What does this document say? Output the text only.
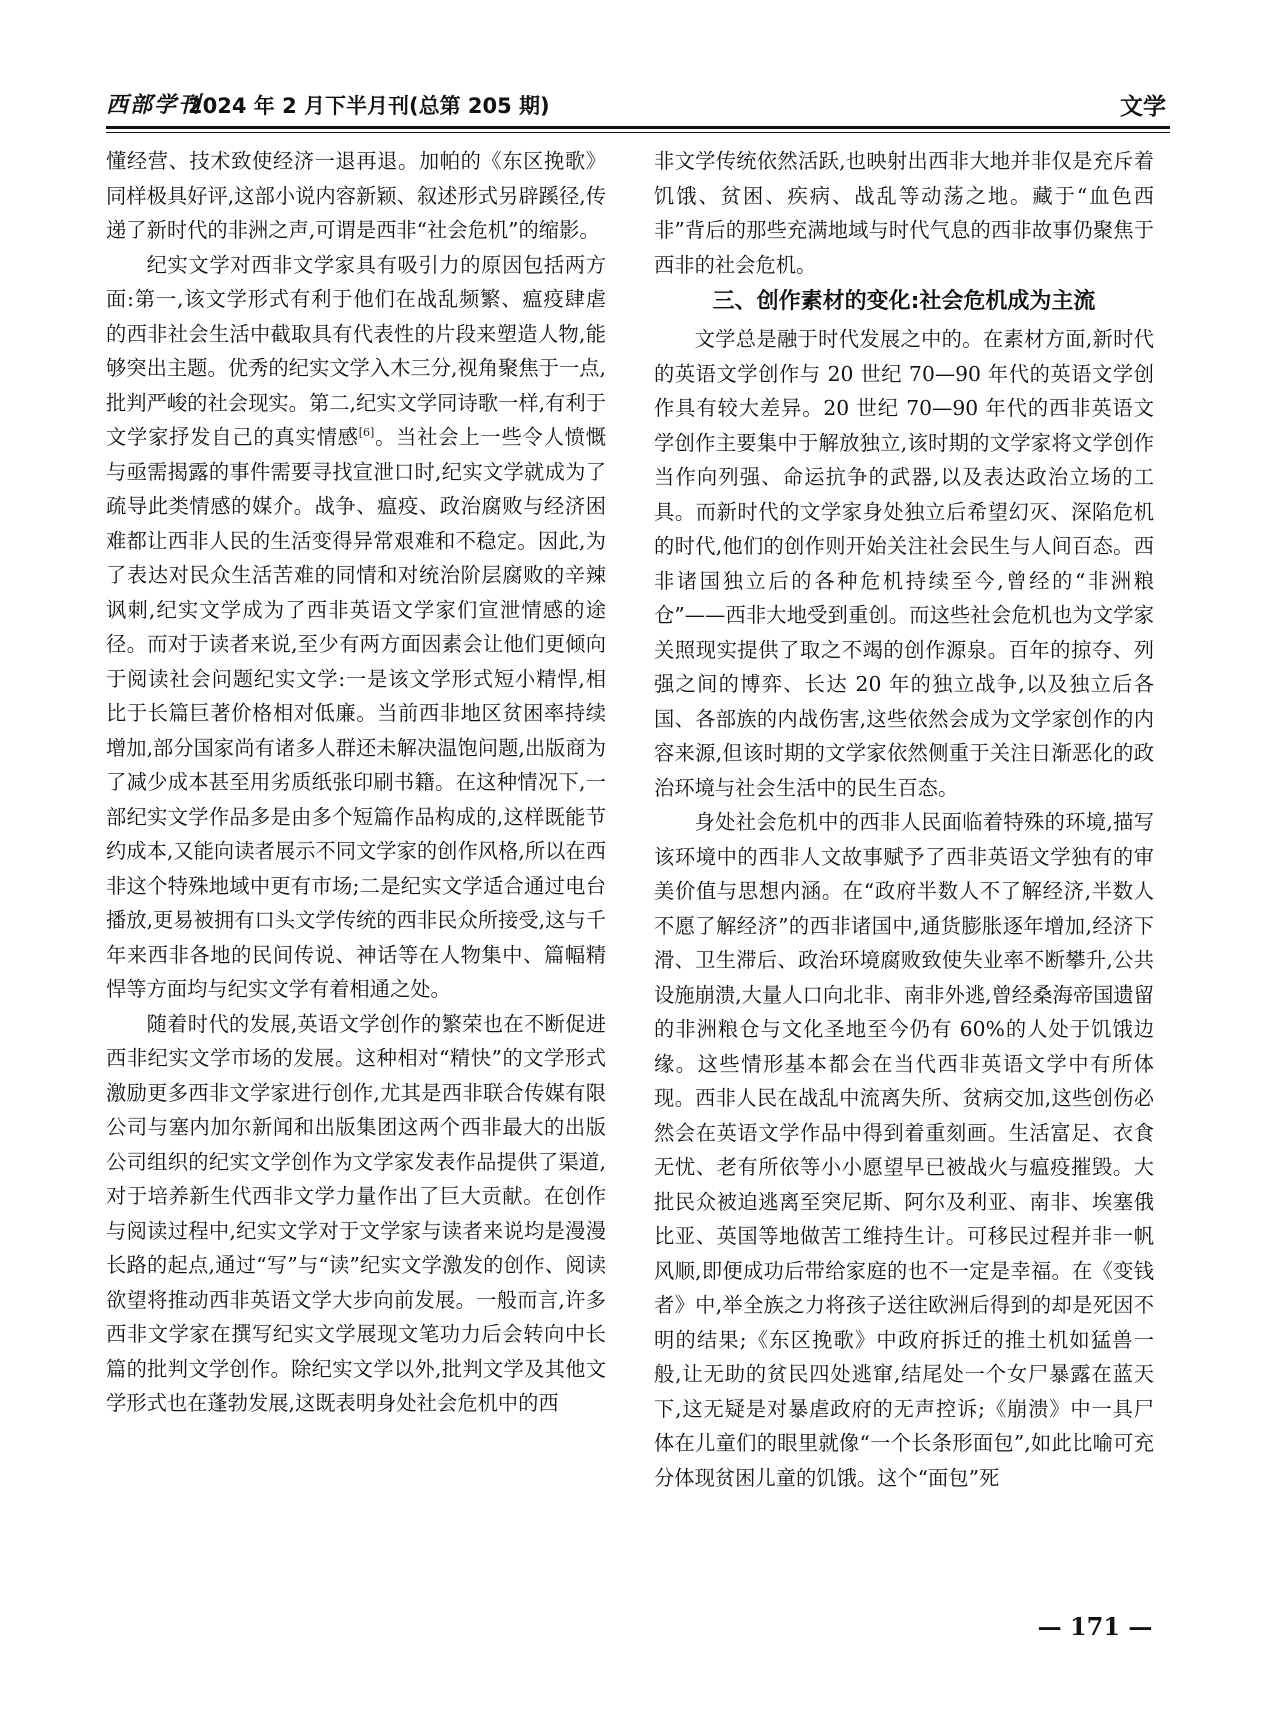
西部学刊
2024 年 2 月下半月刊(总第 205 期)	文学

懂经营、技术致使经济一退再退。加帕的《东区挽歌》同样极具好评,这部小说内容新颖、叙述形式另辟蹊径,传递了新时代的非洲之声,可谓是西非“社会危机”的缩影。

纪实文学对西非文学家具有吸引力的原因包括两方面:第一,该文学形式有利于他们在战乱频繁、瘟疫肆虐的西非社会生活中截取具有代表性的片段来塑造人物,能够突出主题。优秀的纪实文学入木三分,视角聚焦于一点,批判严峻的社会现实。第二,纪实文学同诗歌一样,有利于文学家抒发自己的真实情感[6]。当社会上一些令人愤慨与亟需揭露的事件需要寻找宣泄口时,纪实文学就成为了疏导此类情感的媒介。战争、瘟疫、政治腐败与经济困难都让西非人民的生活变得异常艰难和不稳定。因此,为了表达对民众生活苦难的同情和对统治阶层腐败的辛辣讽刺,纪实文学成为了西非英语文学家们宣泄情感的途径。而对于读者来说,至少有两方面因素会让他们更倾向于阅读社会问题纪实文学:一是该文学形式短小精悍,相比于长篇巨著价格相对低廉。当前西非地区贫困率持续增加,部分国家尚有诸多人群还未解决温饱问题,出版商为了减少成本甚至用劣质纸张印刷书籍。在这种情况下,一部纪实文学作品多是由多个短篇作品构成的,这样既能节约成本,又能向读者展示不同文学家的创作风格,所以在西非这个特殊地域中更有市场;二是纪实文学适合通过电台播放,更易被拥有口头文学传统的西非民众所接受,这与千年来西非各地的民间传说、神话等在人物集中、篇幅精悍等方面均与纪实文学有着相通之处。

随着时代的发展,英语文学创作的繁荣也在不断促进西非纪实文学市场的发展。这种相对“精快”的文学形式激励更多西非文学家进行创作,尤其是西非联合传媒有限公司与塞内加尔新闻和出版集团这两个西非最大的出版公司组织的纪实文学创作为文学家发表作品提供了渠道,对于培养新生代西非文学力量作出了巨大贡献。在创作与阅读过程中,纪实文学对于文学家与读者来说均是漫漫长路的起点,通过“写”与“读”纪实文学激发的创作、阅读欲望将推动西非英语文学大步向前发展。一般而言,许多西非文学家在撰写纪实文学展现文笔功力后会转向中长篇的批判文学创作。除纪实文学以外,批判文学及其他文学形式也在蓬勃发展,这既表明身处社会危机中的西

非文学传统依然活跃,也映射出西非大地并非仅是充斥着饥饿、贫困、疾病、战乱等动荡之地。藏于“血色西非”背后的那些充满地域与时代气息的西非故事仍聚焦于西非的社会危机。

三、创作素材的变化:社会危机成为主流

文学总是融于时代发展之中的。在素材方面,新时代的英语文学创作与 20 世纪 70—90 年代的英语文学创作具有较大差异。20 世纪 70—90 年代的西非英语文学创作主要集中于解放独立,该时期的文学家将文学创作当作向列强、命运抗争的武器,以及表达政治立场的工具。而新时代的文学家身处独立后希望幻灭、深陷危机的时代,他们的创作则开始关注社会民生与人间百态。西非诸国独立后的各种危机持续至今,曾经的“非洲粮仓”——西非大地受到重创。而这些社会危机也为文学家关照现实提供了取之不竭的创作源泉。百年的掠夺、列强之间的博弈、长达 20 年的独立战争,以及独立后各国、各部族的内战伤害,这些依然会成为文学家创作的内容来源,但该时期的文学家依然侧重于关注日渐恶化的政治环境与社会生活中的民生百态。

身处社会危机中的西非人民面临着特殊的环境,描写该环境中的西非人文故事赋予了西非英语文学独有的审美价值与思想内涵。在“政府半数人不了解经济,半数人不愿了解经济”的西非诸国中,通货膨胀逐年增加,经济下滑、卫生滞后、政治环境腐败致使失业率不断攀升,公共设施崩溃,大量人口向北非、南非外逃,曾经桑海帝国遗留的非洲粮仓与文化圣地至今仍有 60%的人处于饥饿边缘。这些情形基本都会在当代西非英语文学中有所体现。西非人民在战乱中流离失所、贫病交加,这些创伤必然会在英语文学作品中得到着重刻画。生活富足、衣食无忧、老有所依等小小愿望早已被战火与瘟疫摧毁。大批民众被迫逃离至突尼斯、阿尔及利亚、南非、埃塞俄比亚、英国等地做苦工维持生计。可移民过程并非一帆风顺,即便成功后带给家庭的也不一定是幸福。在《变钱者》中,举全族之力将孩子送往欧洲后得到的却是死因不明的结果;《东区挽歌》中政府拆迁的推土机如猛兽一般,让无助的贫民四处逃窜,结尾处一个女尸暴露在蓝天下,这无疑是对暴虐政府的无声控诉;《崩溃》中一具尸体在儿童们的眼里就像“一个长条形面包”,如此比喻可充分体现贫困儿童的饥饿。这个“面包”死

— 171 —
